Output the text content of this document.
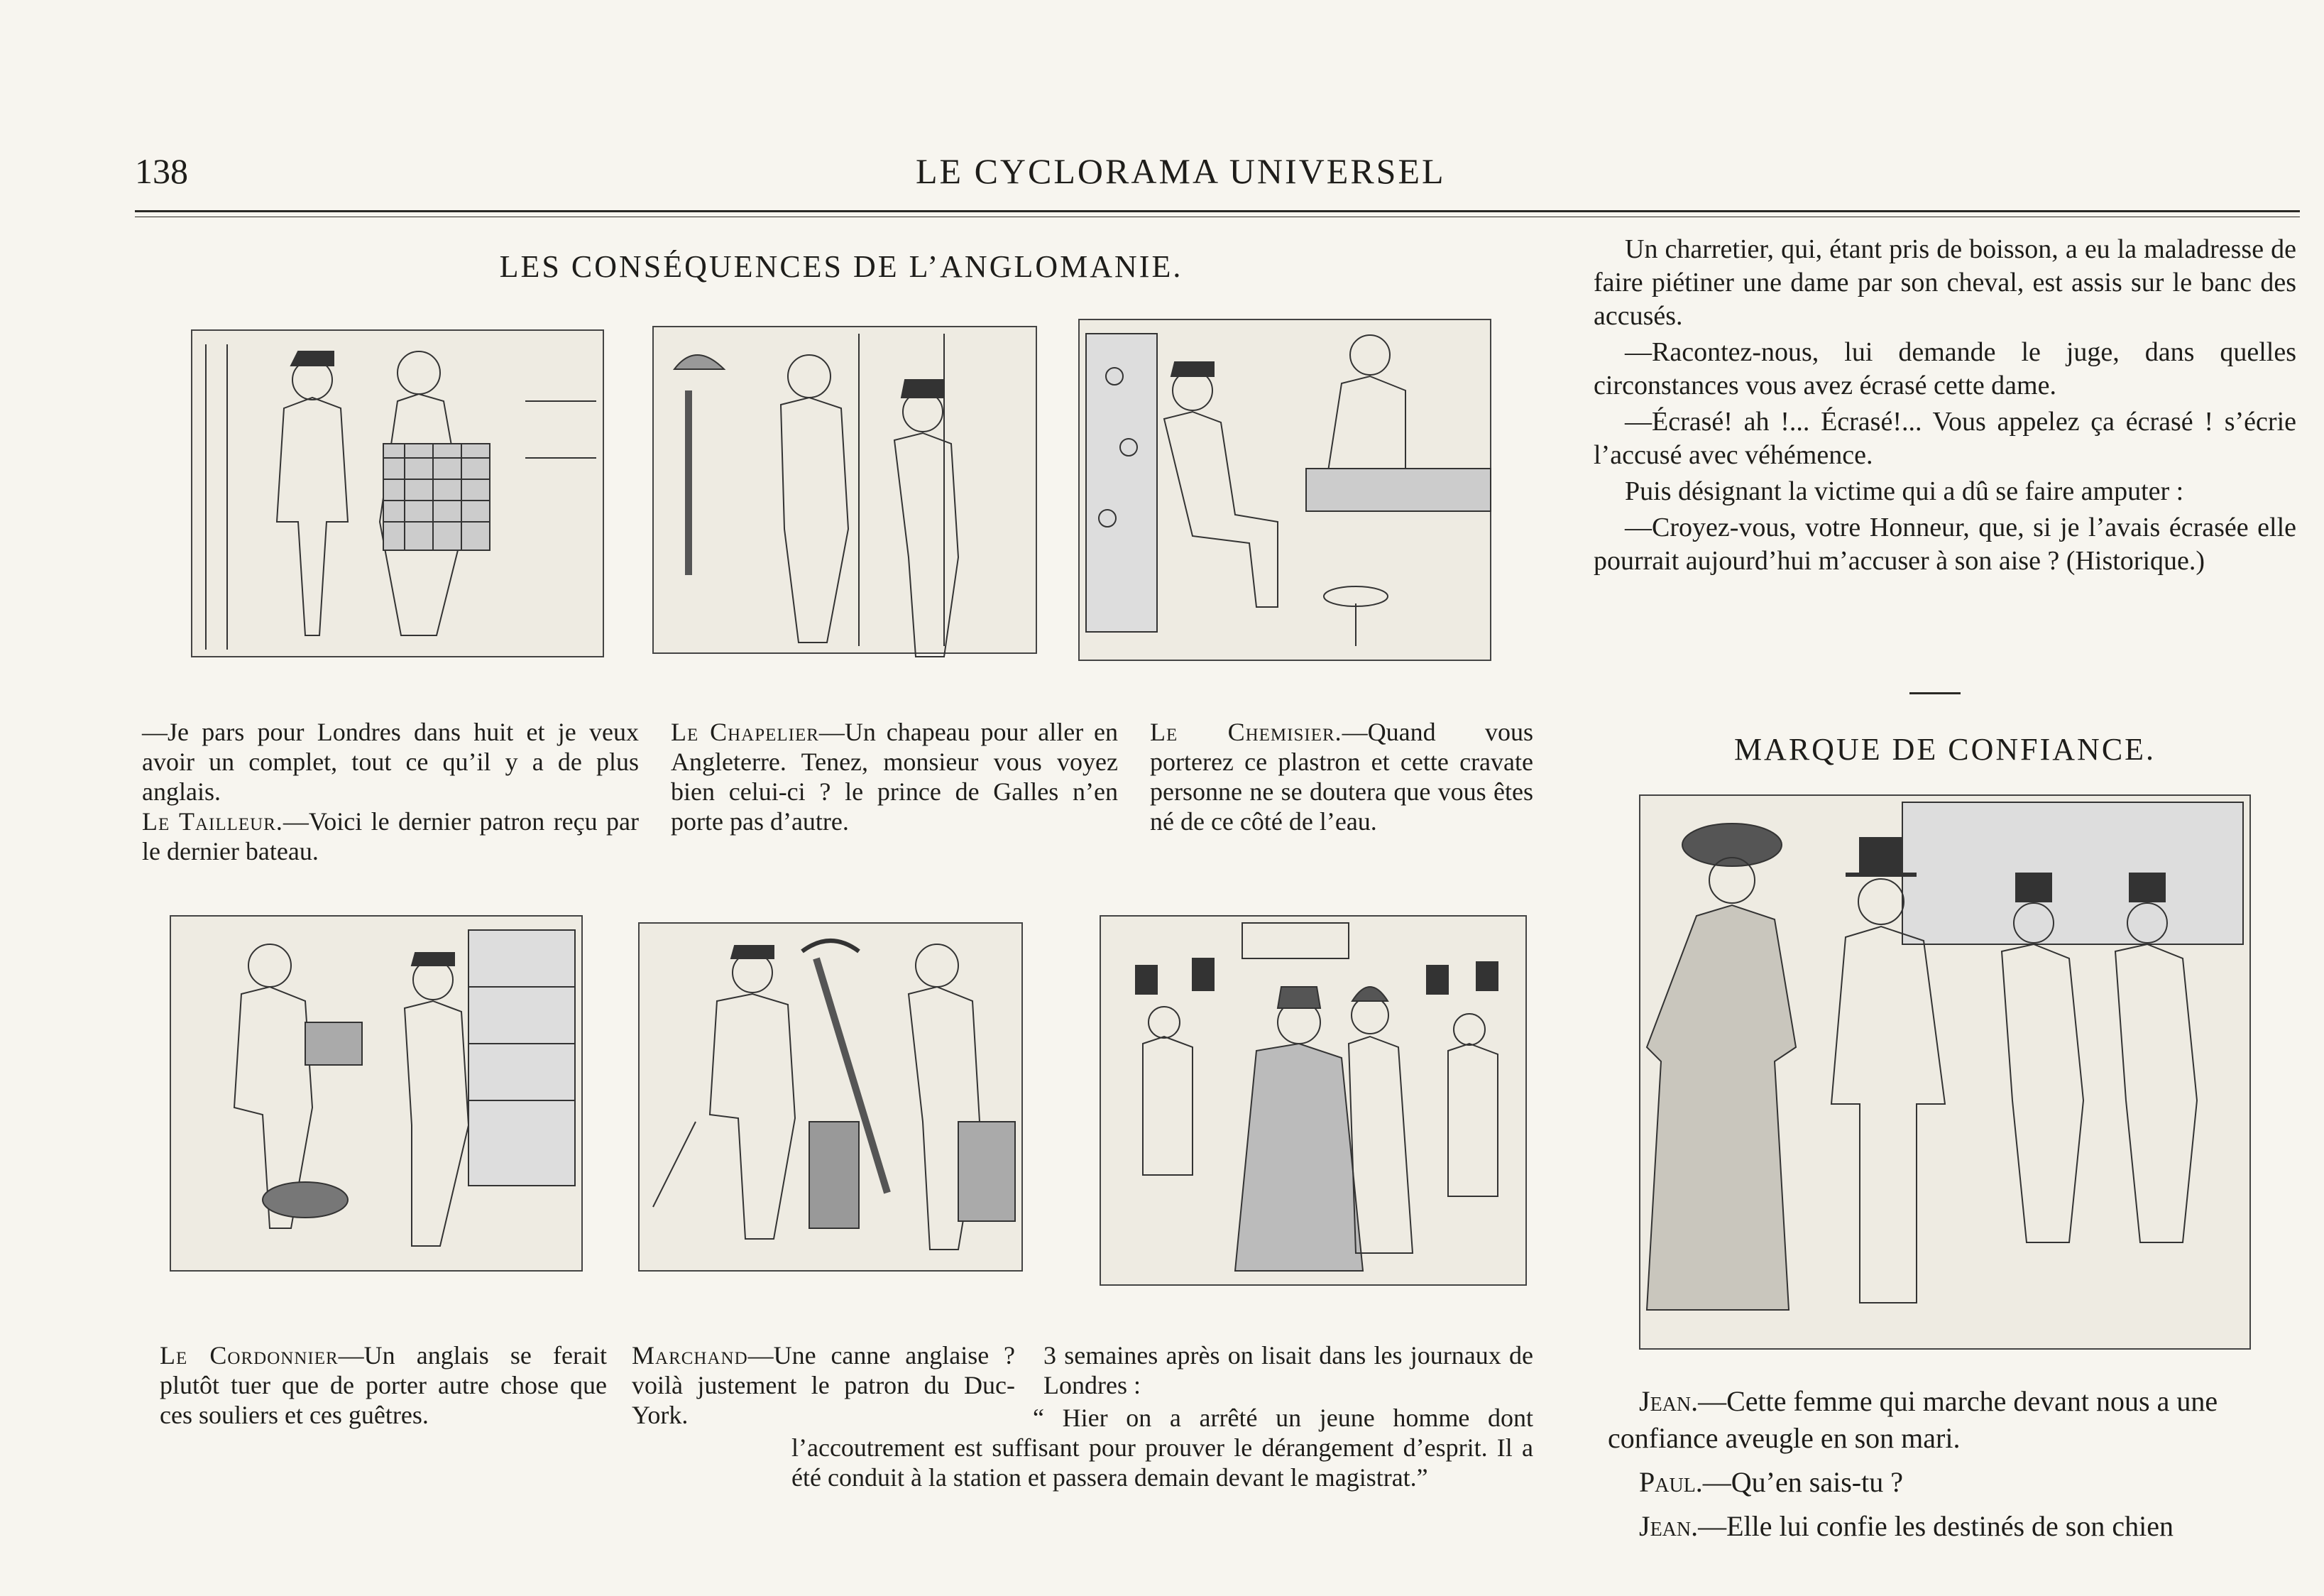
138	LE CYCLORAMA UNIVERSEL
LES CONSÉQUENCES DE L’ANGLOMANIE.
—Je pars pour Londres dans huit et je veux avoir un complet, tout ce qu’il y a de plus anglais.
Le Tailleur.—Voici le dernier patron reçu par le dernier bateau.
Le Chapelier—Un chapeau pour aller en Angleterre. Tenez, monsieur vous voyez bien celui-ci ? le prince de Galles n’en porte pas d’autre.
Le Chemisier.—Quand vous porterez ce plastron et cette cravate personne ne se doutera que vous êtes né de ce côté de l’eau.
Le Cordonnier—Un anglais se ferait plutôt tuer que de porter autre chose que ces souliers et ces guêtres.
Marchand—Une canne anglaise ? voilà justement le patron du Duc-York.
3 semaines après on lisait dans les journaux de Londres :
“ Hier on a arrêté un jeune homme dont l’accoutrement est suffisant pour prouver le dérangement d’esprit. Il a été conduit à la station et passera demain devant le magistrat.”

Un charretier, qui, étant pris de boisson, a eu la maladresse de faire piétiner une dame par son cheval, est assis sur le banc des accusés.

—Racontez-nous, lui demande le juge, dans quelles circonstances vous avez écrasé cette dame.

—Écrasé! ah !... Écrasé!... Vous appelez ça écrasé ! s’écrie l’accusé avec véhémence.

Puis désignant la victime qui a dû se faire amputer :

—Croyez-vous, votre Honneur, que, si je l’avais écrasée elle pourrait aujourd’hui m’accuser à son aise ? (Historique.)

MARQUE DE CONFIANCE.

Jean.—Cette femme qui marche devant nous a une confiance aveugle en son mari.

Paul.—Qu’en sais-tu ?

Jean.—Elle lui confie les destinés de son chien
